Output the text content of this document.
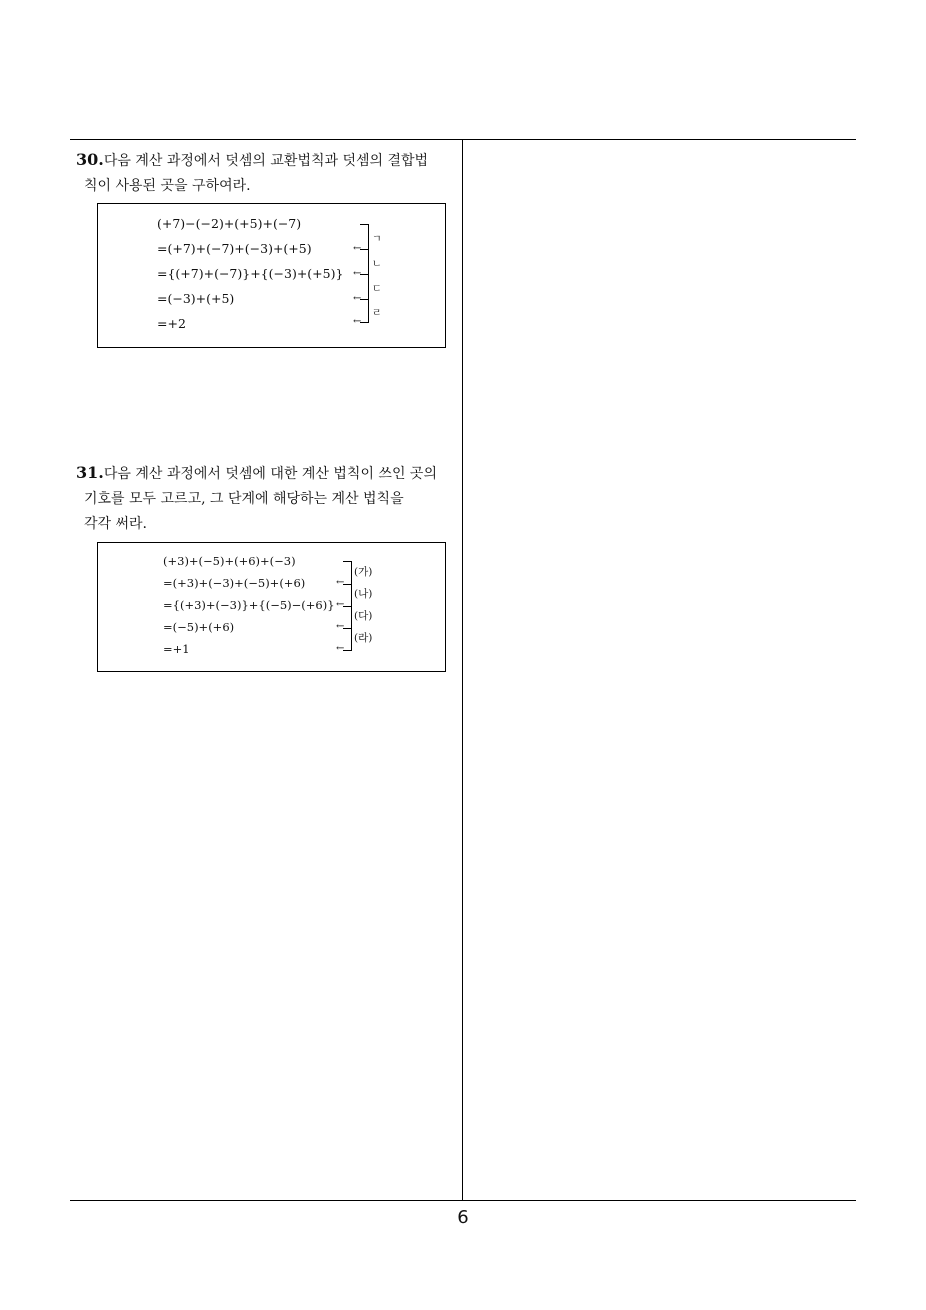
30.다음 계산 과정에서 덧셈의 교환법칙과 덧셈의 결합법
칙이 사용된 곳을 구하여라.
(+7)−(−2)+(+5)+(−7)
=(+7)+(−7)+(−3)+(+5)
={(+7)+(−7)}+{(−3)+(+5)}
=(−3)+(+5)
=+2
←
←
←
←
ㄱ
ㄴ
ㄷ
ㄹ
31.다음 계산 과정에서 덧셈에 대한 계산 법칙이 쓰인 곳의
기호를 모두 고르고, 그 단계에 해당하는 계산 법칙을
각각 써라.
(+3)+(−5)+(+6)+(−3)
=(+3)+(−3)+(−5)+(+6)
={(+3)+(−3)}+{(−5)−(+6)}
=(−5)+(+6)
=+1
←
←
←
←
(가)
(나)
(다)
(라)
6
